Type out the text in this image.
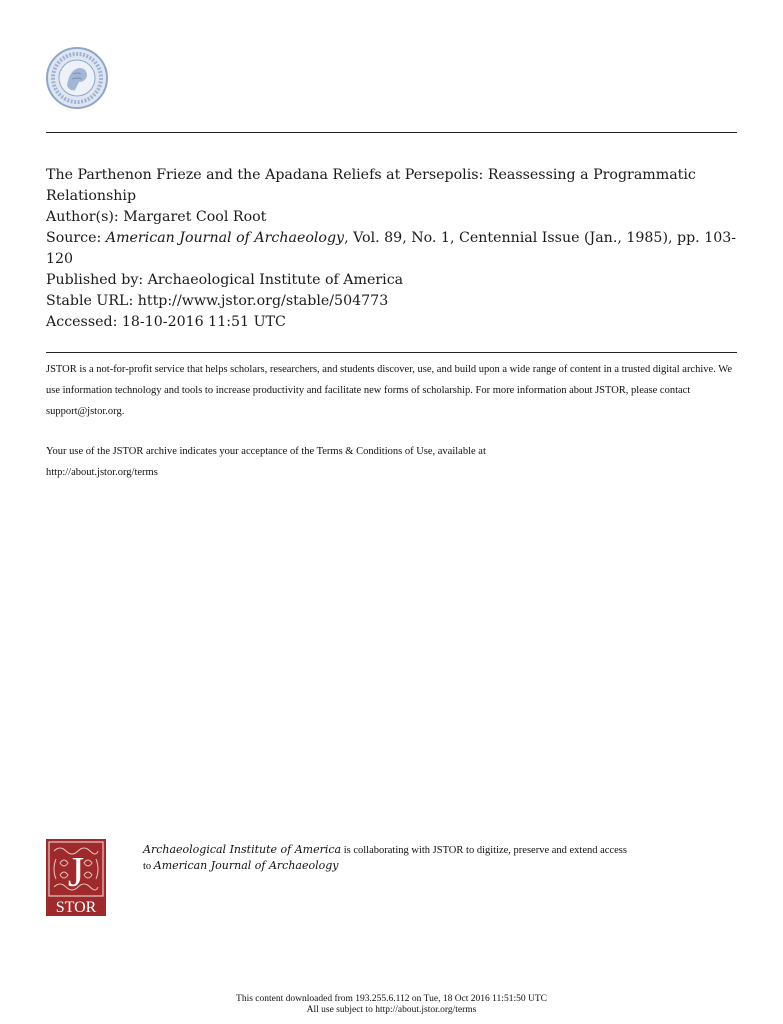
The Parthenon Frieze and the Apadana Reliefs at Persepolis: Reassessing a Programmatic Relationship
Author(s): Margaret Cool Root
Source: American Journal of Archaeology, Vol. 89, No. 1, Centennial Issue (Jan., 1985), pp. 103-120
Published by: Archaeological Institute of America
Stable URL: http://www.jstor.org/stable/504773
Accessed: 18-10-2016 11:51 UTC

JSTOR is a not-for-profit service that helps scholars, researchers, and students discover, use, and build upon a wide range of content in a trusted digital archive. We use information technology and tools to increase productivity and facilitate new forms of scholarship. For more information about JSTOR, please contact support@jstor.org.

Your use of the JSTOR archive indicates your acceptance of the Terms & Conditions of Use, available at
http://about.jstor.org/terms

J
STOR
Archaeological Institute of America is collaborating with JSTOR to digitize, preserve and extend access
to American Journal of Archaeology
This content downloaded from 193.255.6.112 on Tue, 18 Oct 2016 11:51:50 UTC
All use subject to http://about.jstor.org/terms
